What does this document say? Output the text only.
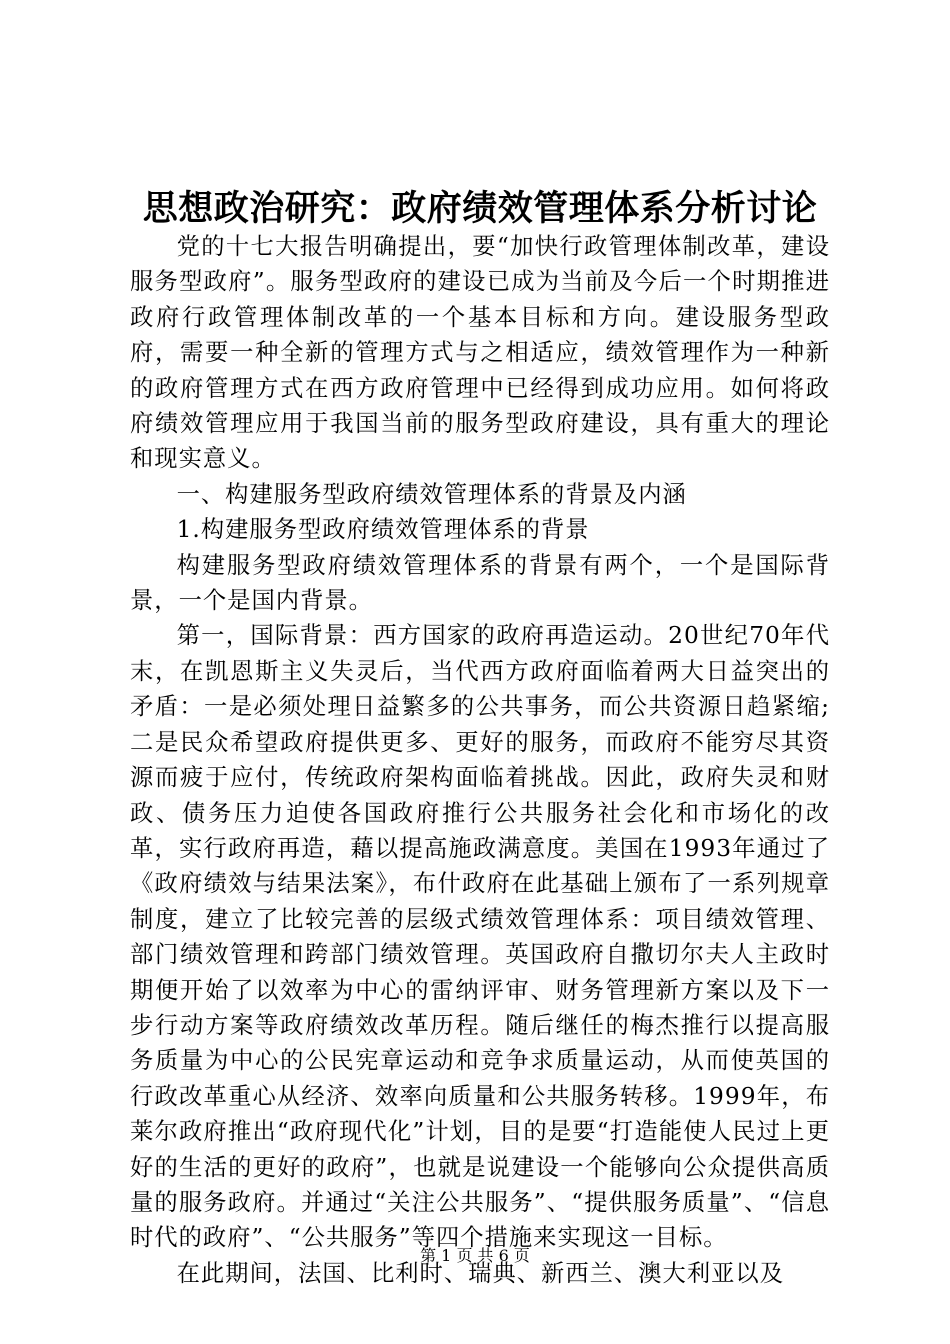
思想政治研究：政府绩效管理体系分析讨论

党的十七大报告明确提出，要“加快行政管理体制改革，建设服务型政府”。服务型政府的建设已成为当前及今后一个时期推进政府行政管理体制改革的一个基本目标和方向。建设服务型政府，需要一种全新的管理方式与之相适应，绩效管理作为一种新的政府管理方式在西方政府管理中已经得到成功应用。如何将政府绩效管理应用于我国当前的服务型政府建设，具有重大的理论和现实意义。

一、构建服务型政府绩效管理体系的背景及内涵

1.构建服务型政府绩效管理体系的背景

构建服务型政府绩效管理体系的背景有两个，一个是国际背景，一个是国内背景。

第一，国际背景：西方国家的政府再造运动。20世纪70年代末，在凯恩斯主义失灵后，当代西方政府面临着两大日益突出的矛盾：一是必须处理日益繁多的公共事务，而公共资源日趋紧缩;二是民众希望政府提供更多、更好的服务，而政府不能穷尽其资源而疲于应付，传统政府架构面临着挑战。因此，政府失灵和财政、债务压力迫使各国政府推行公共服务社会化和市场化的改革，实行政府再造，藉以提高施政满意度。美国在1993年通过了《政府绩效与结果法案》，布什政府在此基础上颁布了一系列规章制度，建立了比较完善的层级式绩效管理体系：项目绩效管理、部门绩效管理和跨部门绩效管理。英国政府自撒切尔夫人主政时期便开始了以效率为中心的雷纳评审、财务管理新方案以及下一步行动方案等政府绩效改革历程。随后继任的梅杰推行以提高服务质量为中心的公民宪章运动和竞争求质量运动，从而使英国的行政改革重心从经济、效率向质量和公共服务转移。1999年，布莱尔政府推出“政府现代化”计划，目的是要“打造能使人民过上更好的生活的更好的政府”，也就是说建设一个能够向公众提供高质量的服务政府。并通过“关注公共服务”、“提供服务质量”、“信息时代的政府”、“公共服务”等四个措施来实现这一目标。

在此期间，法国、比利时、瑞典、新西兰、澳大利亚以及

第 1 页 共 6 页
